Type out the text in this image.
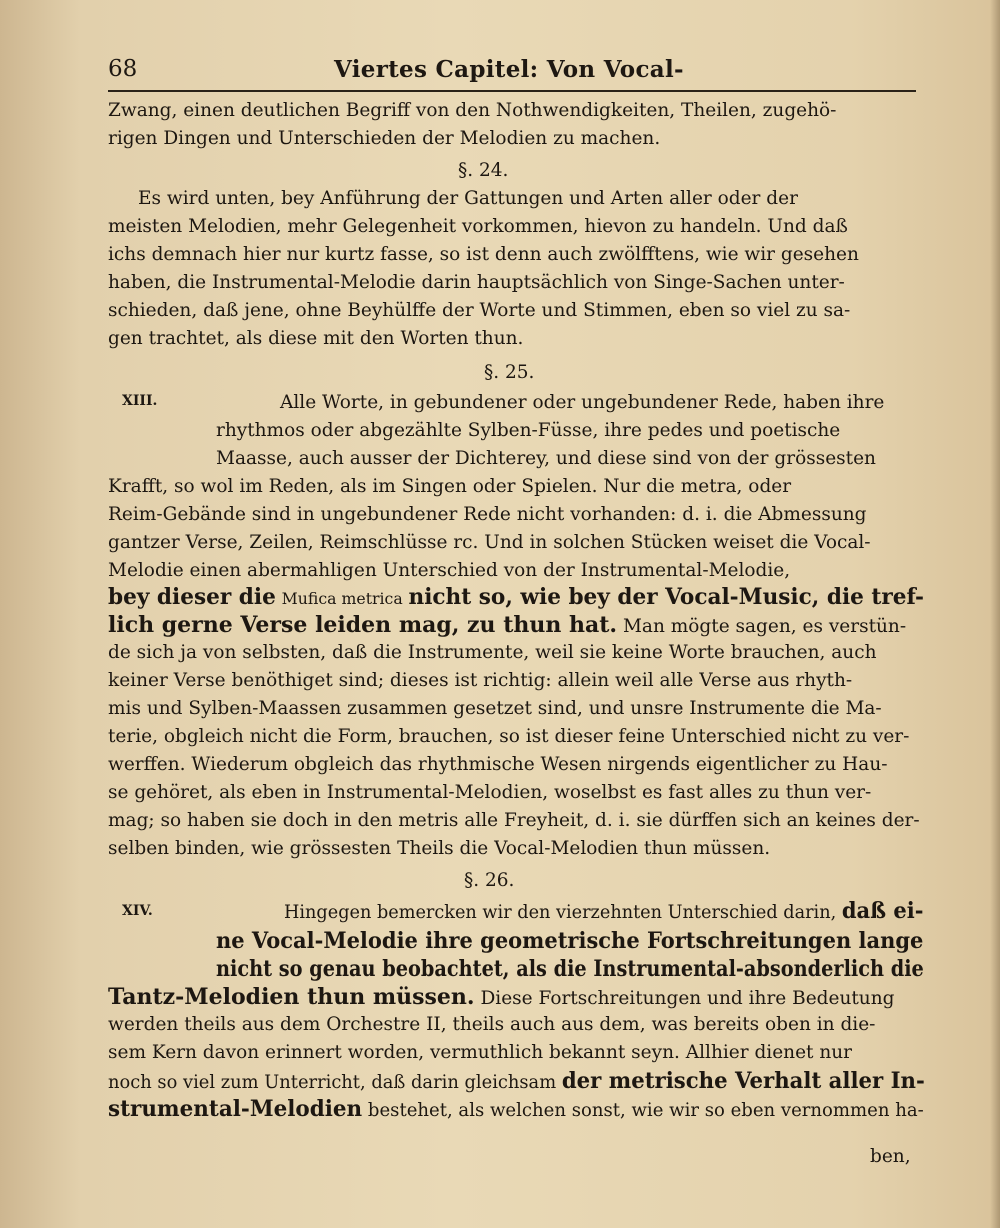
68	Viertes Capitel: Von Vocal-
Zwang, einen deutlichen Begriff von den Nothwendigkeiten, Theilen, zugehö-
rigen Dingen und Unterschieden der Melodien zu machen.
§. 24.
Es wird unten, bey Anführung der Gattungen und Arten aller oder der
meisten Melodien, mehr Gelegenheit vorkommen, hievon zu handeln. Und daß
ichs demnach hier nur kurtz fasse, so ist denn auch zwölfftens, wie wir gesehen
haben, die Instrumental-Melodie darin hauptsächlich von Singe-Sachen unter-
schieden, daß jene, ohne Beyhülffe der Worte und Stimmen, eben so viel zu sa-
gen trachtet, als diese mit den Worten thun.
§. 25.
Alle Worte, in gebundener oder ungebundener Rede, haben ihre
rhythmos oder abgezählte Sylben-Füsse, ihre pedes und poetische
Maasse, auch ausser der Dichterey, und diese sind von der grössesten
Krafft, so wol im Reden, als im Singen oder Spielen. Nur die metra, oder
Reim-Gebände sind in ungebundener Rede nicht vorhanden: d. i. die Abmessung
gantzer Verse, Zeilen, Reimschlüsse rc. Und in solchen Stücken weiset die Vocal-
Melodie einen abermahligen Unterschied von der Instrumental-Melodie,
bey dieser die Mufica metrica nicht so, wie bey der Vocal-Music, die tref-
lich gerne Verse leiden mag, zu thun hat. Man mögte sagen, es verstün-
de sich ja von selbsten, daß die Instrumente, weil sie keine Worte brauchen, auch
keiner Verse benöthiget sind; dieses ist richtig: allein weil alle Verse aus rhyth-
mis und Sylben-Maassen zusammen gesetzet sind, und unsre Instrumente die Ma-
terie, obgleich nicht die Form, brauchen, so ist dieser feine Unterschied nicht zu ver-
werffen. Wiederum obgleich das rhythmische Wesen nirgends eigentlicher zu Hau-
se gehöret, als eben in Instrumental-Melodien, woselbst es fast alles zu thun ver-
mag; so haben sie doch in den metris alle Freyheit, d. i. sie dürffen sich an keines der-
selben binden, wie grössesten Theils die Vocal-Melodien thun müssen.
§. 26.
Hingegen bemercken wir den vierzehnten Unterschied darin, daß ei-
ne Vocal-Melodie ihre geometrische Fortschreitungen lange
nicht so genau beobachtet, als die Instrumental-absonderlich die
Tantz-Melodien thun müssen. Diese Fortschreitungen und ihre Bedeutung
werden theils aus dem Orchestre II, theils auch aus dem, was bereits oben in die-
sem Kern davon erinnert worden, vermuthlich bekannt seyn. Allhier dienet nur
noch so viel zum Unterricht, daß darin gleichsam der metrische Verhalt aller In-
strumental-Melodien bestehet, als welchen sonst, wie wir so eben vernommen ha-
XIII.
XIV.
ben,
